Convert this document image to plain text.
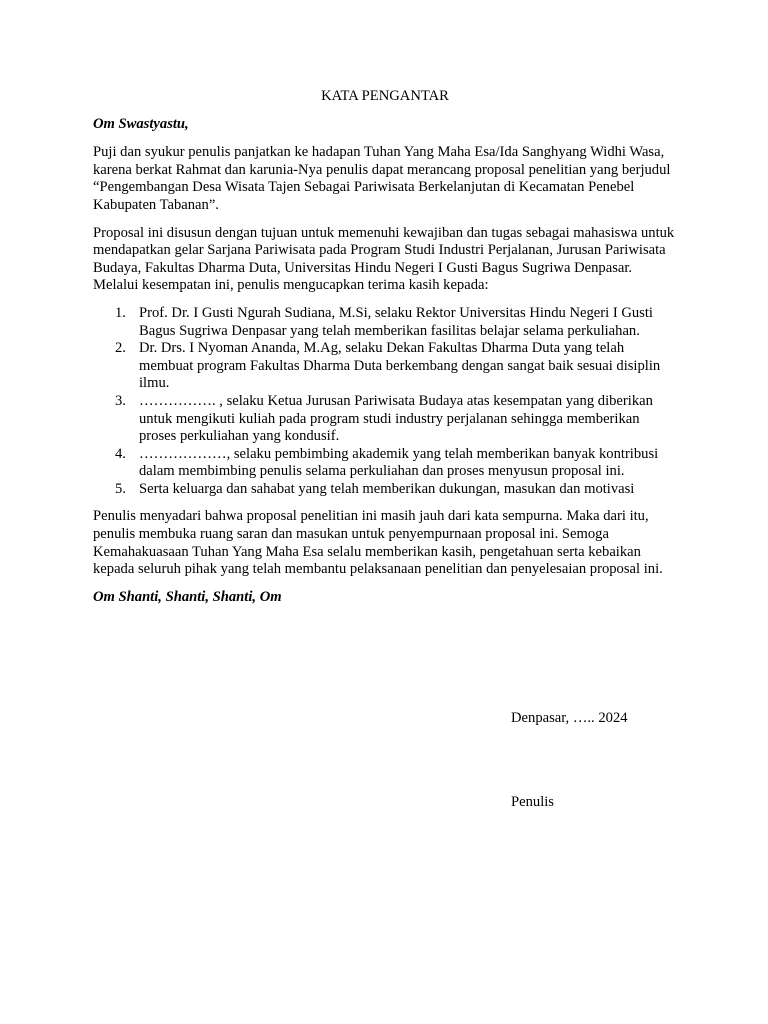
KATA PENGANTAR
Om Swastyastu,

Puji dan syukur penulis panjatkan ke hadapan Tuhan Yang Maha Esa/Ida Sanghyang Widhi Wasa, karena berkat Rahmat dan karunia-Nya penulis dapat merancang proposal penelitian yang berjudul “Pengembangan Desa Wisata Tajen Sebagai Pariwisata Berkelanjutan di Kecamatan Penebel Kabupaten Tabanan”.

Proposal ini disusun dengan tujuan untuk memenuhi kewajiban dan tugas sebagai mahasiswa untuk mendapatkan gelar Sarjana Pariwisata pada Program Studi Industri Perjalanan, Jurusan Pariwisata Budaya, Fakultas Dharma Duta, Universitas Hindu Negeri I Gusti Bagus Sugriwa Denpasar. Melalui kesempatan ini, penulis mengucapkan terima kasih kepada:

1. Prof. Dr. I Gusti Ngurah Sudiana, M.Si, selaku Rektor Universitas Hindu Negeri I Gusti Bagus Sugriwa Denpasar yang telah memberikan fasilitas belajar selama perkuliahan.
2. Dr. Drs. I Nyoman Ananda, M.Ag, selaku Dekan Fakultas Dharma Duta yang telah membuat program Fakultas Dharma Duta berkembang dengan sangat baik sesuai disiplin ilmu.
3. ……………. , selaku Ketua Jurusan Pariwisata Budaya atas kesempatan yang diberikan untuk mengikuti kuliah pada program studi industry perjalanan sehingga memberikan proses perkuliahan yang kondusif.
4. ………………, selaku pembimbing akademik yang telah memberikan banyak kontribusi dalam membimbing penulis selama perkuliahan dan proses menyusun proposal ini.
5. Serta keluarga dan sahabat yang telah memberikan dukungan, masukan dan motivasi

Penulis menyadari bahwa proposal penelitian ini masih jauh dari kata sempurna. Maka dari itu, penulis membuka ruang saran dan masukan untuk penyempurnaan proposal ini. Semoga Kemahakuasaan Tuhan Yang Maha Esa selalu memberikan kasih, pengetahuan serta kebaikan kepada seluruh pihak yang telah membantu pelaksanaan penelitian dan penyelesaian proposal ini.

Om Shanti, Shanti, Shanti, Om
Denpasar, ….. 2024
Penulis
